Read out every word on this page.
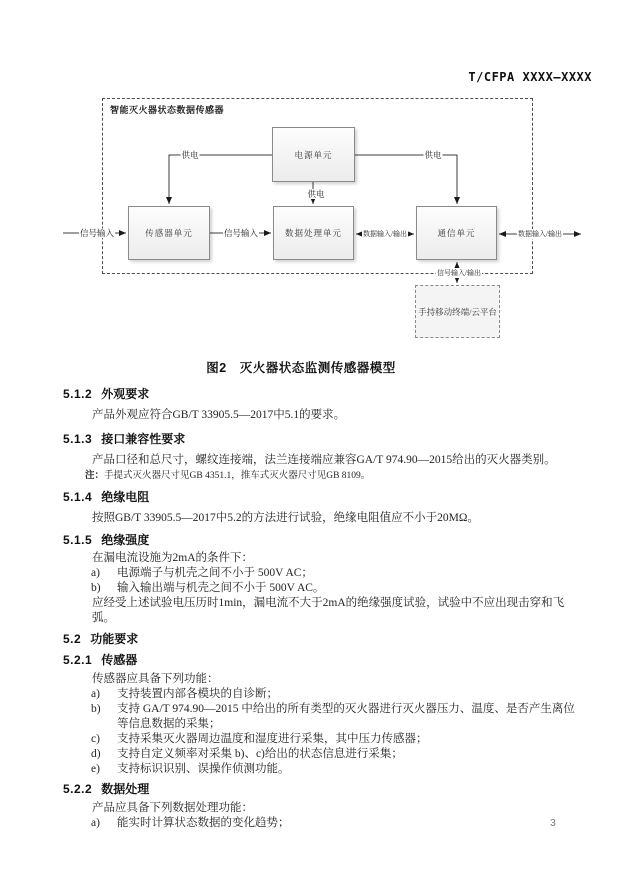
T/CFPA XXXX—XXXX
智能灭火器状态数据传感器
电源单元
传感器单元	数据处理单元	通信单元
手持移动终端/云平台
供电	供电
供电
信号输入	信号输入	数据输入/输出	数据输入/输出
信号输入/输出
图2　灭火器状态监测传感器模型
5.1.2 外观要求

产品外观应符合GB/T 33905.5—2017中5.1的要求。

5.1.3 接口兼容性要求

产品口径和总尺寸，螺纹连接端，法兰连接端应兼容GA/T 974.90—2015给出的灭火器类别。

注：手提式灭火器尺寸见GB 4351.1，推车式灭火器尺寸见GB 8109。
5.1.4 绝缘电阻

按照GB/T 33905.5—2017中5.2的方法进行试验，绝缘电阻值应不小于20MΩ。

5.1.5 绝缘强度

在漏电流设施为2mA的条件下：

a)	电源端子与机壳之间不小于 500V AC；
b)	输入输出端与机壳之间不小于 500V AC。

应经受上述试验电压历时1min，漏电流不大于2mA的绝缘强度试验，试验中不应出现击穿和飞弧。

5.2 功能要求
5.2.1 传感器

传感器应具备下列功能：

a)	支持装置内部各模块的自诊断；
b)	支持 GA/T 974.90—2015 中给出的所有类型的灭火器进行灭火器压力、温度、是否产生离位等信息数据的采集；
c)	支持采集灭火器周边温度和湿度进行采集，其中压力传感器；
d)	支持自定义频率对采集 b)、c)给出的状态信息进行采集；
e)	支持标识识别、误操作侦测功能。
5.2.2 数据处理

产品应具备下列数据处理功能：

a)	能实时计算状态数据的变化趋势；	3
